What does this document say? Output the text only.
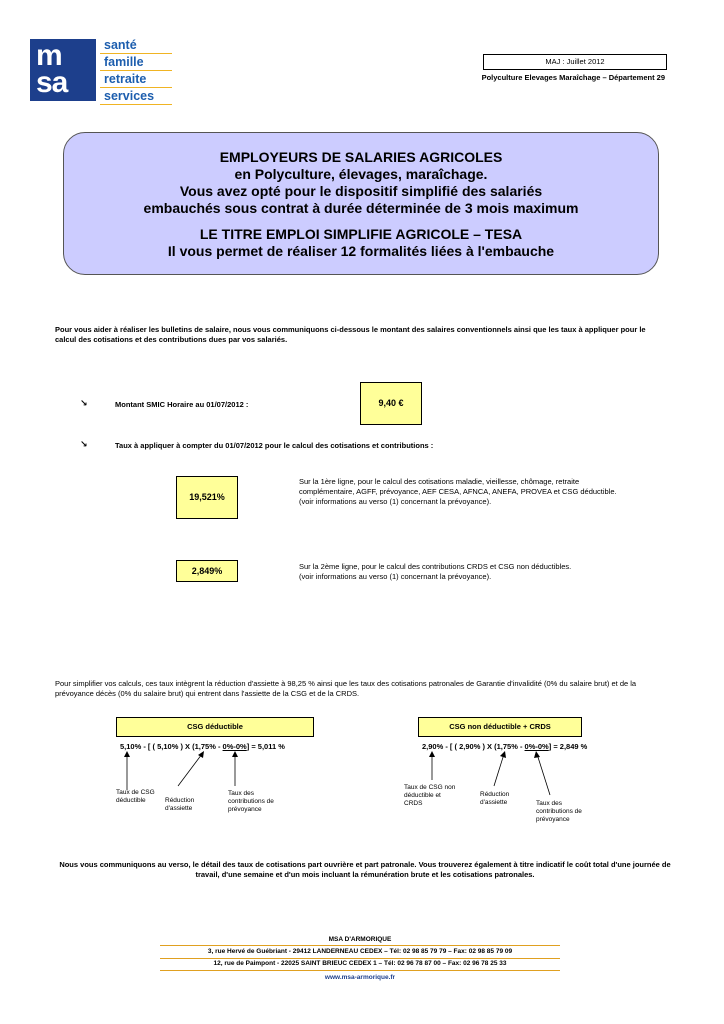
m
sa
santé
famille
retraite
services
MAJ : Juillet 2012
Polyculture Elevages Maraîchage – Département 29
EMPLOYEURS DE SALARIES AGRICOLES
en Polyculture, élevages, maraîchage.
Vous avez opté pour le dispositif simplifié des salariés
embauchés sous contrat à durée déterminée de 3 mois maximum
LE TITRE EMPLOI SIMPLIFIE AGRICOLE – TESA
Il vous permet de réaliser 12 formalités liées à l'embauche
Pour vous aider à réaliser les bulletins de salaire, nous vous communiquons ci-dessous le montant des salaires conventionnels ainsi que les taux à appliquer pour le calcul des cotisations et des contributions dues par vos salariés.
↘	Montant SMIC Horaire au 01/07/2012 :	9,40 €
↘	Taux à appliquer à compter du 01/07/2012 pour le calcul des cotisations et contributions :
19,521%
Sur la 1ère ligne, pour le calcul des cotisations maladie, vieillesse, chômage, retraite complémentaire, AGFF, prévoyance, AEF CESA, AFNCA, ANEFA, PROVEA et CSG déductible.
(voir informations au verso (1) concernant la prévoyance).
2,849%	Sur la 2ème ligne, pour le calcul des contributions CRDS et CSG non déductibles.
(voir informations au verso (1) concernant la prévoyance).
Pour simplifier vos calculs, ces taux intègrent la réduction d'assiette à 98,25 % ainsi que les taux des cotisations patronales de Garantie d'invalidité (0% du salaire brut) et de la prévoyance décès (0% du salaire brut) qui entrent dans l'assiette de la CSG et de la CRDS.
CSG déductible
5,10% - [ ( 5,10% ) X (1,75% - 0%-0%] = 5,011 %
Taux de CSG déductible	Réduction d'assiette
Taux des contributions de prévoyance
CSG non déductible + CRDS
2,90% - [ ( 2,90% ) X (1,75% - 0%-0%] = 2,849 %
Taux de CSG non déductible et CRDS
Réduction d'assiette	Taux des contributions de prévoyance
Nous vous communiquons au verso, le détail des taux de cotisations part ouvrière et part patronale. Vous trouverez également à titre indicatif le coût total d'une journée de travail, d'une semaine et d'un mois incluant la rémunération brute et les cotisations patronales.
MSA D'ARMORIQUE
3, rue Hervé de Guébriant - 29412 LANDERNEAU CEDEX – Tél: 02 98 85 79 79 – Fax: 02 98 85 79 09
12, rue de Paimpont - 22025 SAINT BRIEUC CEDEX 1 – Tél: 02 96 78 87 00 – Fax: 02 96 78 25 33
www.msa-armorique.fr
